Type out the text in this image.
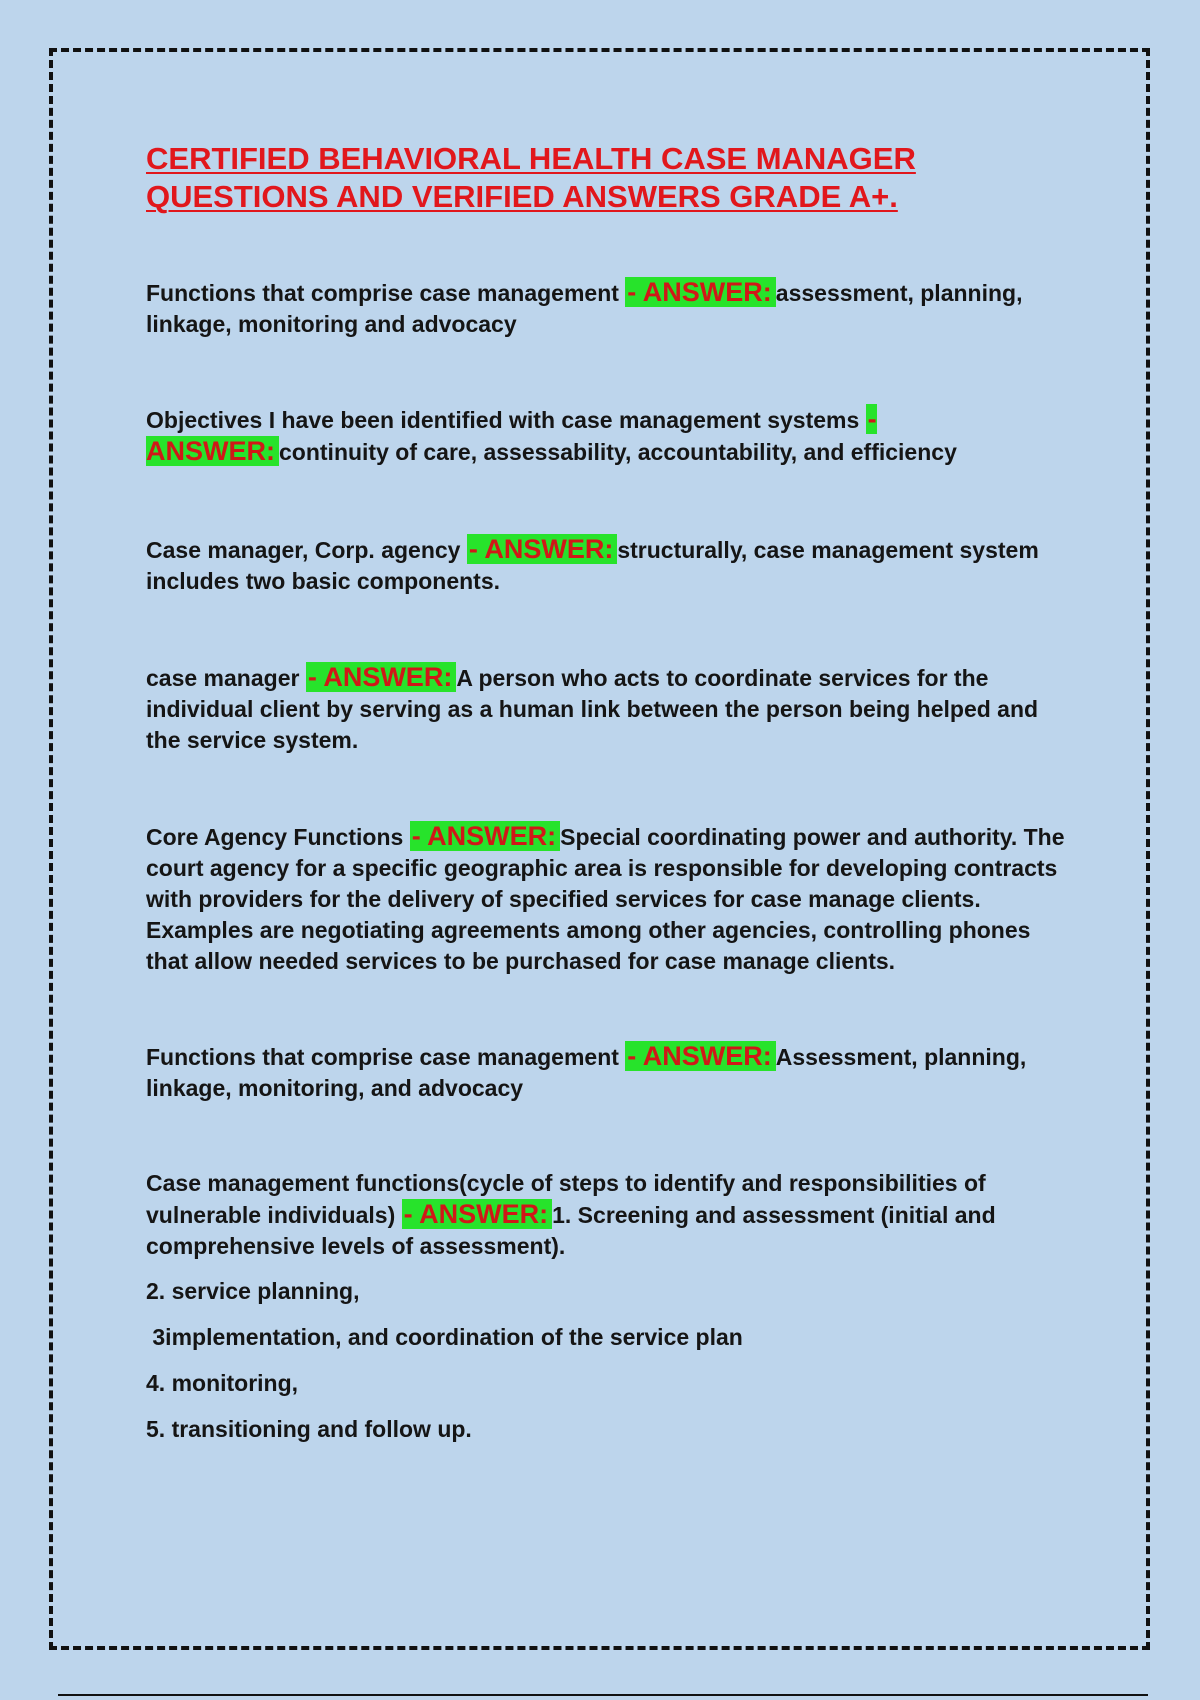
CERTIFIED BEHAVIORAL HEALTH CASE MANAGER
QUESTIONS AND VERIFIED ANSWERS GRADE A+.

Functions that comprise case management - ANSWER: assessment, planning, linkage, monitoring and advocacy

Objectives I have been identified with case management systems - ANSWER: continuity of care, assessability, accountability, and efficiency

Case manager, Corp. agency - ANSWER: structurally, case management system includes two basic components.

case manager - ANSWER: A person who acts to coordinate services for the individual client by serving as a human link between the person being helped and the service system.

Core Agency Functions - ANSWER: Special coordinating power and authority. The court agency for a specific geographic area is responsible for developing contracts with providers for the delivery of specified services for case manage clients. Examples are negotiating agreements among other agencies, controlling phones that allow needed services to be purchased for case manage clients.

Functions that comprise case management - ANSWER: Assessment, planning, linkage, monitoring, and advocacy

Case management functions(cycle of steps to identify and responsibilities of vulnerable individuals) - ANSWER: 1. Screening and assessment (initial and comprehensive levels of assessment).

2. service planning,

3implementation, and coordination of the service plan

4. monitoring,

5. transitioning and follow up.
